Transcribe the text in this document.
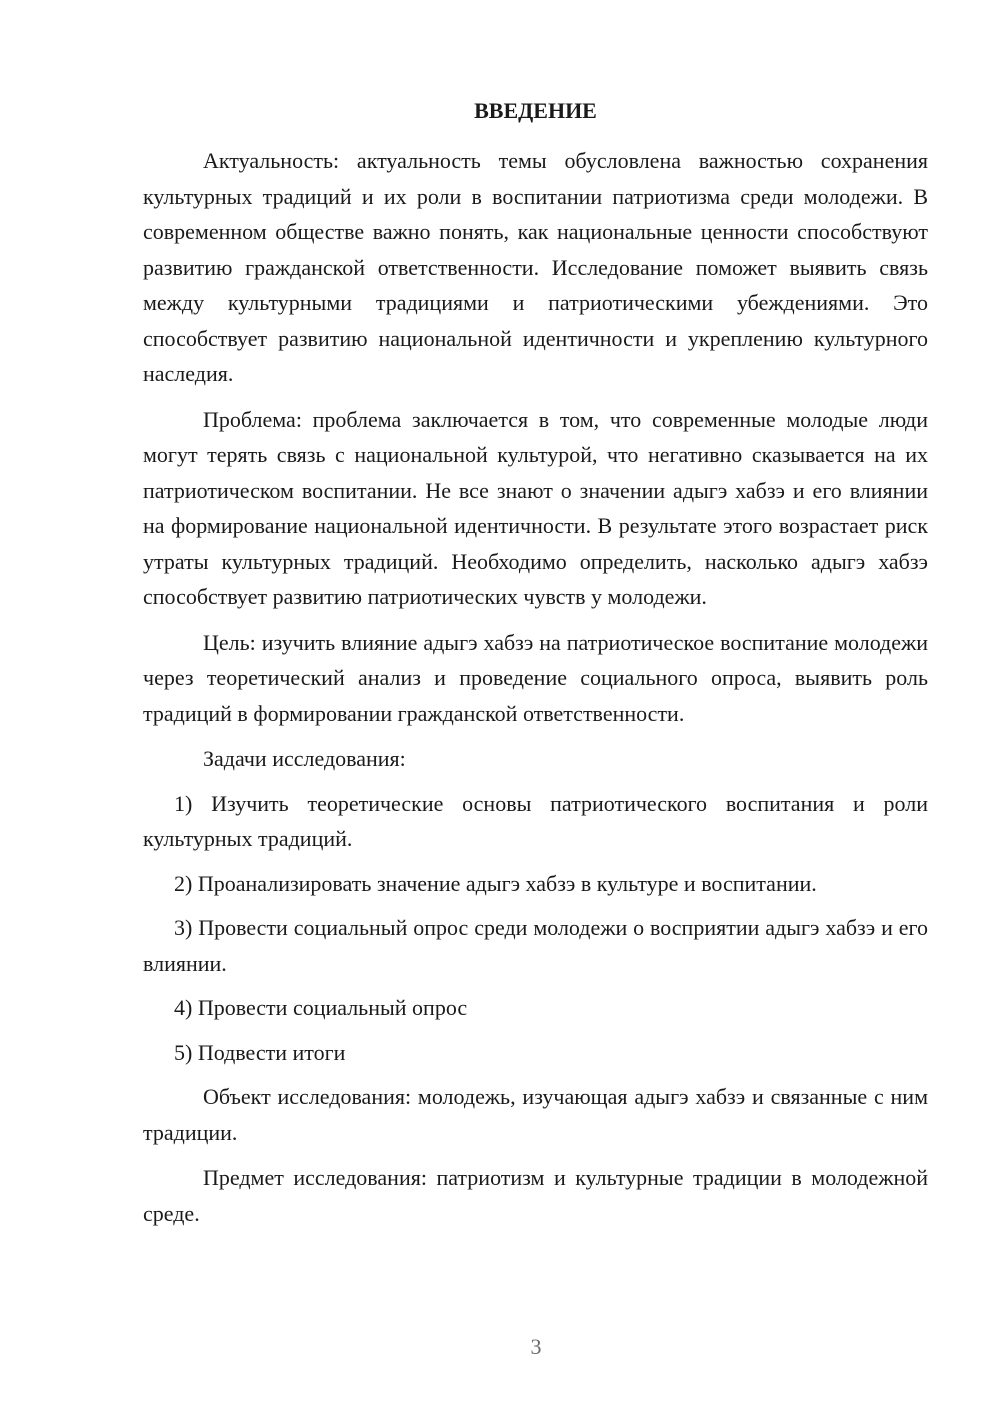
ВВЕДЕНИЕ

Актуальность: актуальность темы обусловлена важностью сохранения культурных традиций и их роли в воспитании патриотизма среди молодежи. В современном обществе важно понять, как национальные ценности способствуют развитию гражданской ответственности. Исследование поможет выявить связь между культурными традициями и патриотическими убеждениями. Это способствует развитию национальной идентичности и укреплению культурного наследия.

Проблема: проблема заключается в том, что современные молодые люди могут терять связь с национальной культурой, что негативно сказывается на их патриотическом воспитании. Не все знают о значении адыгэ хабзэ и его влиянии на формирование национальной идентичности. В результате этого возрастает риск утраты культурных традиций. Необходимо определить, насколько адыгэ хабзэ способствует развитию патриотических чувств у молодежи.

Цель: изучить влияние адыгэ хабзэ на патриотическое воспитание молодежи через теоретический анализ и проведение социального опроса, выявить роль традиций в формировании гражданской ответственности.

Задачи исследования:

1) Изучить теоретические основы патриотического воспитания и роли культурных традиций.

2) Проанализировать значение адыгэ хабзэ в культуре и воспитании.

3) Провести социальный опрос среди молодежи о восприятии адыгэ хабзэ и его влиянии.

4) Провести социальный опрос

5) Подвести итоги

Объект исследования: молодежь, изучающая адыгэ хабзэ и связанные с ним традиции.

Предмет исследования: патриотизм и культурные традиции в молодежной среде.

3
